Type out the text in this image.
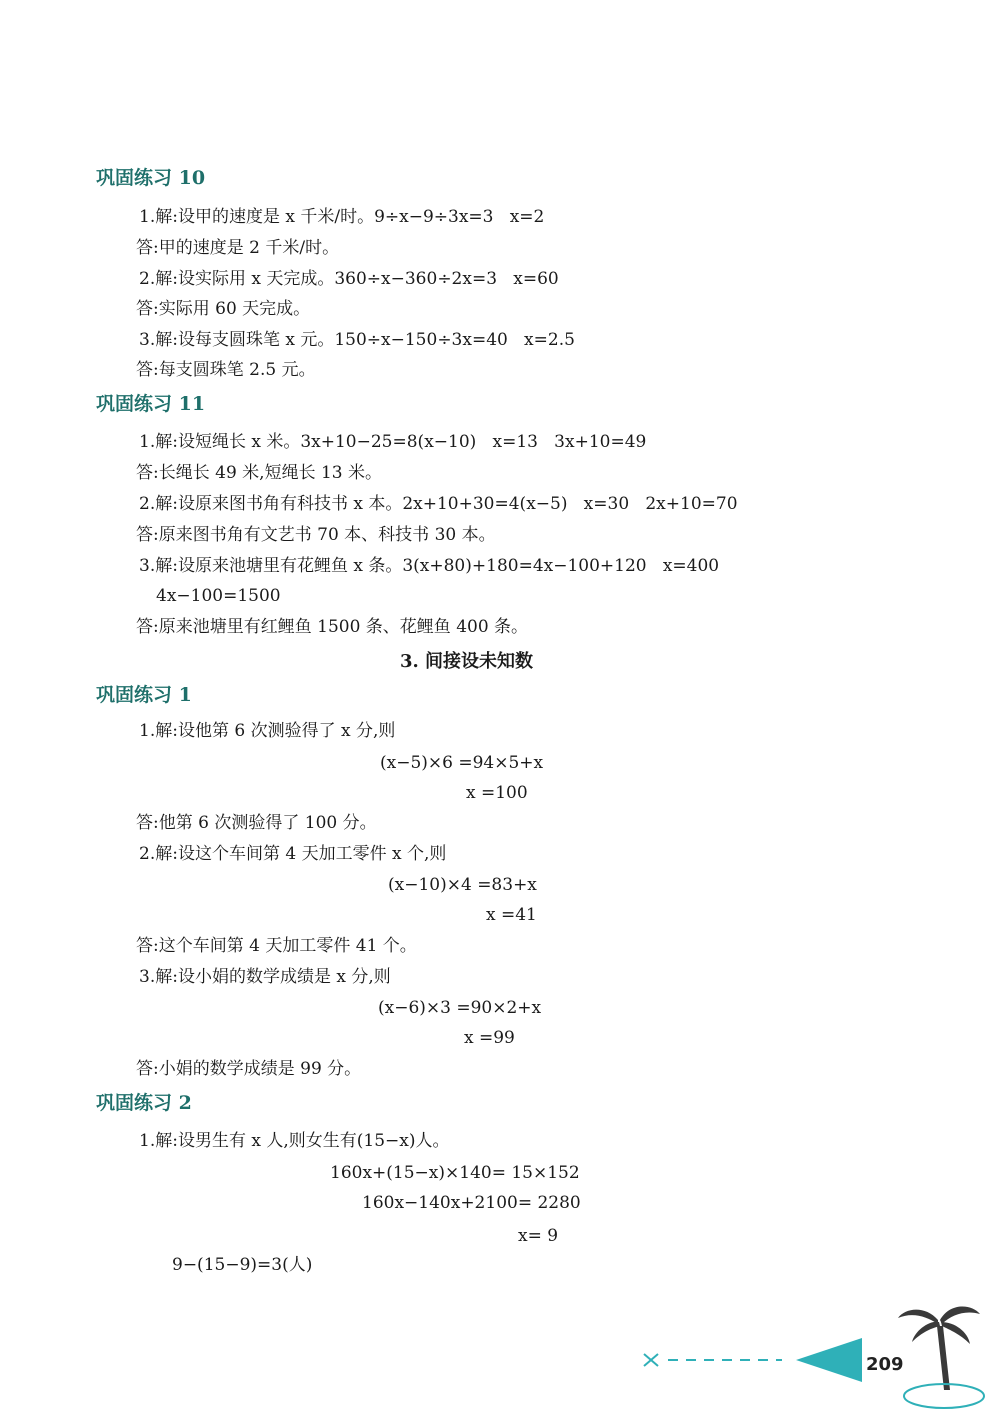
巩固练习 10
1.解:设甲的速度是 x 千米/时。9÷x−9÷3x=3   x=2
答:甲的速度是 2 千米/时。
2.解:设实际用 x 天完成。360÷x−360÷2x=3   x=60
答:实际用 60 天完成。
3.解:设每支圆珠笔 x 元。150÷x−150÷3x=40   x=2.5
答:每支圆珠笔 2.5 元。
巩固练习 11
1.解:设短绳长 x 米。3x+10−25=8(x−10)   x=13   3x+10=49
答:长绳长 49 米,短绳长 13 米。
2.解:设原来图书角有科技书 x 本。2x+10+30=4(x−5)   x=30   2x+10=70
答:原来图书角有文艺书 70 本、科技书 30 本。
3.解:设原来池塘里有花鲤鱼 x 条。3(x+80)+180=4x−100+120   x=400
4x−100=1500
答:原来池塘里有红鲤鱼 1500 条、花鲤鱼 400 条。
3. 间接设未知数
巩固练习 1
1.解:设他第 6 次测验得了 x 分,则
(x−5)×6 =94×5+x
x =100
答:他第 6 次测验得了 100 分。
2.解:设这个车间第 4 天加工零件 x 个,则
(x−10)×4 =83+x
x =41
答:这个车间第 4 天加工零件 41 个。
3.解:设小娟的数学成绩是 x 分,则
(x−6)×3 =90×2+x
x =99
答:小娟的数学成绩是 99 分。
巩固练习 2
1.解:设男生有 x 人,则女生有(15−x)人。
160x+(15−x)×140= 15×152
160x−140x+2100= 2280
x= 9
9−(15−9)=3(人)
209
